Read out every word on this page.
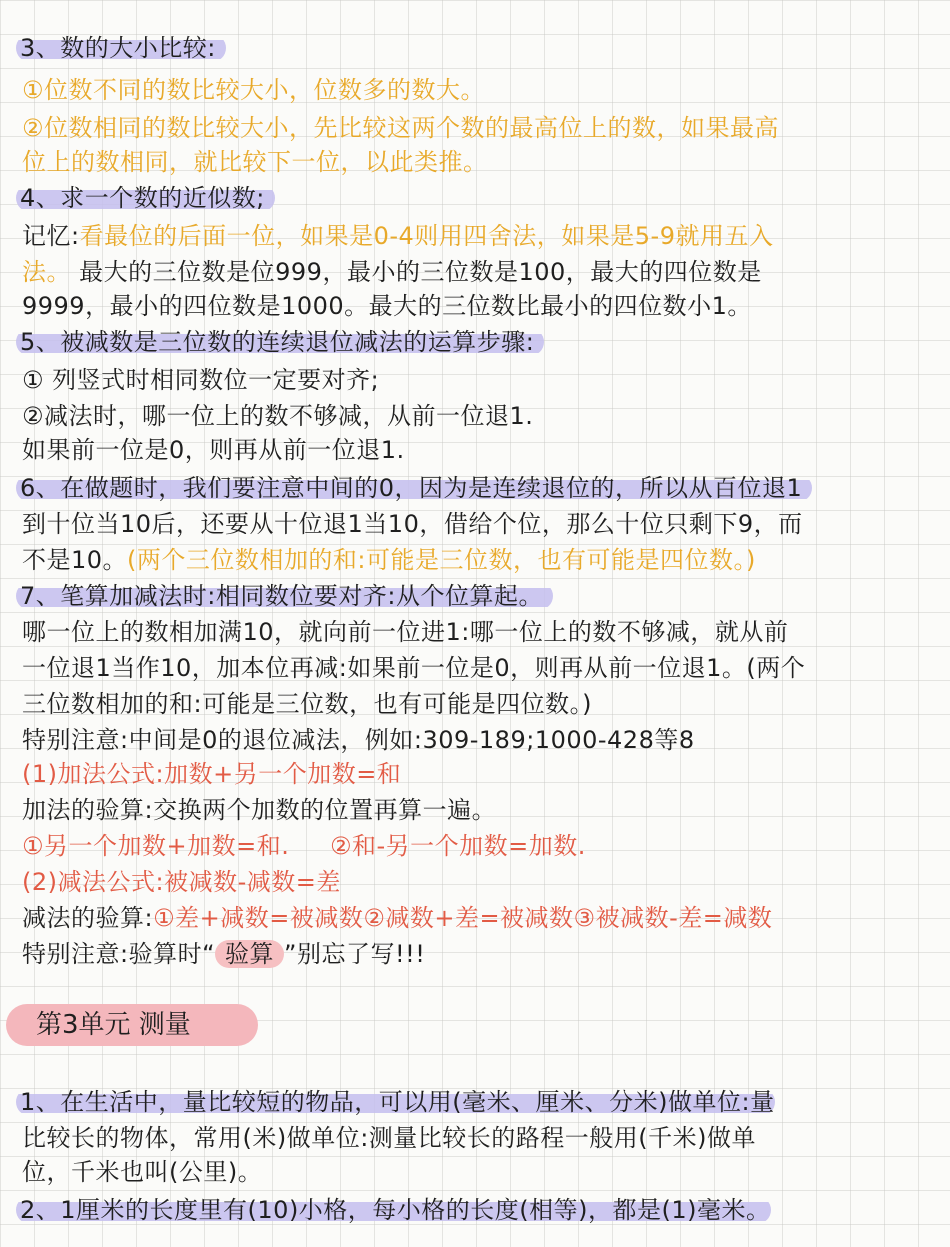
3、数的大小比较:
①位数不同的数比较大小，位数多的数大。
②位数相同的数比较大小，先比较这两个数的最高位上的数，如果最高
位上的数相同，就比较下一位，以此类推。
4、求一个数的近似数;
记忆:看最位的后面一位，如果是0-4则用四舍法，如果是5-9就用五入
法。 最大的三位数是位999，最小的三位数是100，最大的四位数是
9999，最小的四位数是1000。最大的三位数比最小的四位数小1。
5、被减数是三位数的连续退位减法的运算步骤:
① 列竖式时相同数位一定要对齐;
②减法时，哪一位上的数不够减，从前一位退1.
如果前一位是0，则再从前一位退1.
6、在做题时，我们要注意中间的0，因为是连续退位的，所以从百位退1
到十位当10后，还要从十位退1当10，借给个位，那么十位只剩下9，而
不是10。(两个三位数相加的和:可能是三位数，也有可能是四位数。)
7、笔算加减法时:相同数位要对齐:从个位算起。
哪一位上的数相加满10，就向前一位进1:哪一位上的数不够减，就从前
一位退1当作10，加本位再减:如果前一位是0，则再从前一位退1。(两个
三位数相加的和:可能是三位数，也有可能是四位数。)
特别注意:中间是0的退位减法，例如:309-189;1000-428等8
(1)加法公式:加数+另一个加数=和
加法的验算:交换两个加数的位置再算一遍。
①另一个加数+加数=和.     ②和-另一个加数=加数.
(2)减法公式:被减数-减数=差
减法的验算:①差+减数=被减数②减数+差=被减数③被减数-差=减数
特别注意:验算时“ 验算 ”别忘了写!!!
第3单元 测量
1、在生活中，量比较短的物品，可以用(毫米、厘米、分米)做单位:量
比较长的物体，常用(米)做单位:测量比较长的路程一般用(千米)做单
位，千米也叫(公里)。
2、1厘米的长度里有(10)小格，每小格的长度(相等)，都是(1)毫米。
